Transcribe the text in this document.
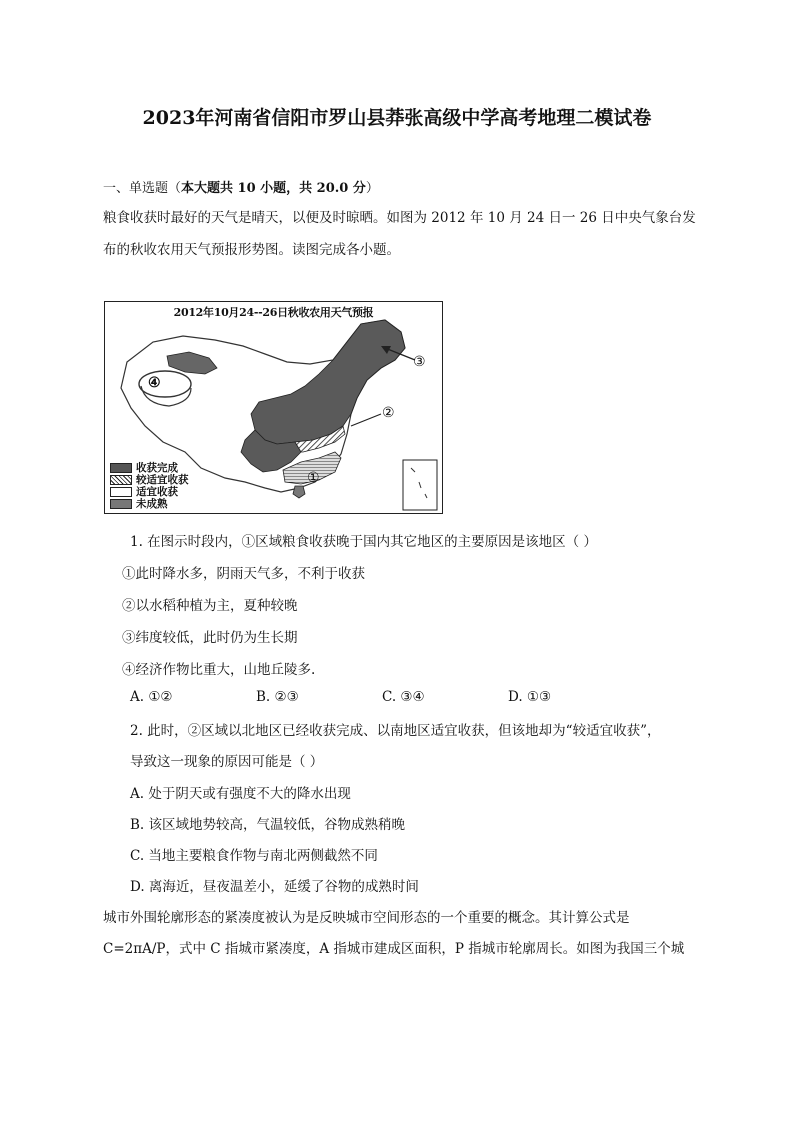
2023年河南省信阳市罗山县莽张高级中学高考地理二模试卷
一、单选题（本大题共 10 小题，共 20.0 分）
粮食收获时最好的天气是晴天，以便及时晾晒。如图为 2012 年 10 月 24 日一 26 日中央气象台发
布的秋收农用天气预报形势图。读图完成各小题。
2012年10月24--26日秋收农用天气预报
④
③
②
①
收获完成
较适宜收获
适宜收获
未成熟
1. 在图示时段内，①区域粮食收获晚于国内其它地区的主要原因是该地区（ ）
①此时降水多，阴雨天气多，不利于收获
②以水稻种植为主，夏种较晚
③纬度较低，此时仍为生长期
④经济作物比重大，山地丘陵多.
A. ①②	B. ②③	C. ③④	D. ①③
2. 此时，②区域以北地区已经收获完成、以南地区适宜收获，但该地却为“较适宜收获”，
导致这一现象的原因可能是（ ）
A. 处于阴天或有强度不大的降水出现
B. 该区域地势较高，气温较低，谷物成熟稍晚
C. 当地主要粮食作物与南北两侧截然不同
D. 离海近，昼夜温差小，延缓了谷物的成熟时间
城市外围轮廓形态的紧凑度被认为是反映城市空间形态的一个重要的概念。其计算公式是
C=2πA/P，式中 C 指城市紧凑度，A 指城市建成区面积，P 指城市轮廓周长。如图为我国三个城
